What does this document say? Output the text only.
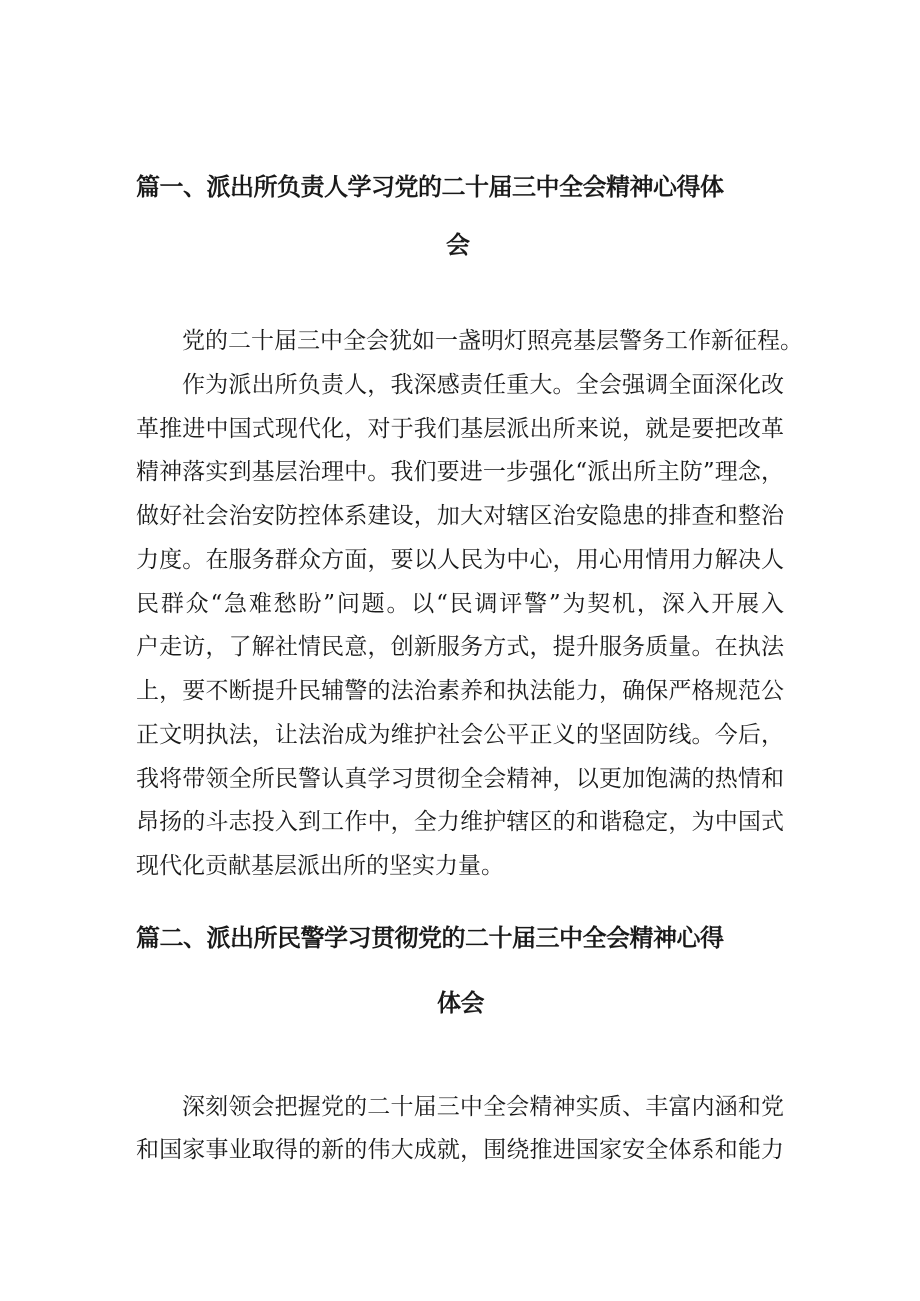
篇一、派出所负责人学习党的二十届三中全会精神心得体
会
党的二十届三中全会犹如一盏明灯照亮基层警务工作新征程。
作为派出所负责人，我深感责任重大。全会强调全面深化改
革推进中国式现代化，对于我们基层派出所来说，就是要把改革
精神落实到基层治理中。我们要进一步强化“派出所主防”理念，
做好社会治安防控体系建设，加大对辖区治安隐患的排查和整治
力度。在服务群众方面，要以人民为中心，用心用情用力解决人
民群众“急难愁盼”问题。以“民调评警”为契机，深入开展入
户走访，了解社情民意，创新服务方式，提升服务质量。在执法
上，要不断提升民辅警的法治素养和执法能力，确保严格规范公
正文明执法，让法治成为维护社会公平正义的坚固防线。今后，
我将带领全所民警认真学习贯彻全会精神，以更加饱满的热情和
昂扬的斗志投入到工作中，全力维护辖区的和谐稳定，为中国式
现代化贡献基层派出所的坚实力量。
篇二、派出所民警学习贯彻党的二十届三中全会精神心得
体会
深刻领会把握党的二十届三中全会精神实质、丰富内涵和党
和国家事业取得的新的伟大成就，围绕推进国家安全体系和能力
